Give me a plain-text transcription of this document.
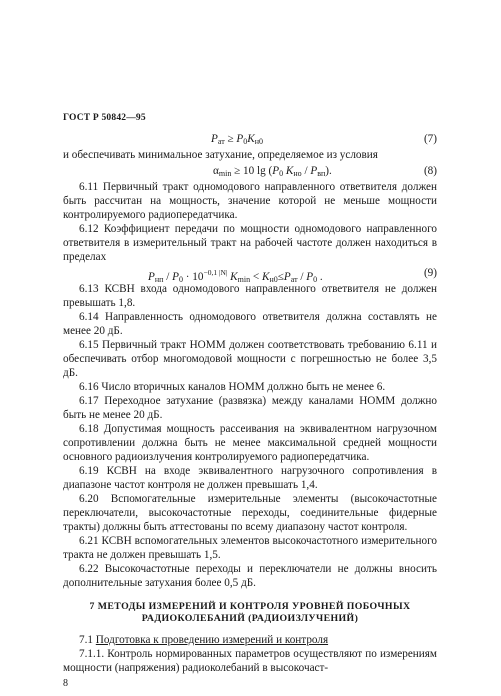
ГОСТ Р 50842—95
$P_{ат} \ge P_0K_{н0}$	(7)

и обеспечивать минимальное затухание, определяемое из условия

$\alpha_{min} \ge 10$ $\lg (P_0$ $K_{но} / P_{вп}$).	(8)

6.11 Первичный тракт одномодового направленного ответвителя должен быть рассчитан на мощность, значение которой не меньше мощности контролируемого радиопередатчика.

6.12 Коэффициент передачи по мощности одномодового направленного ответвителя в измерительный тракт на рабочей частоте должен находиться в пределах

$P_{нп} / P_0 \cdot 10^{-0,1 |N|}$ $K_{min} < K_{н0}\le P_{ат} / P_0$ .	(9)

6.13 КСВН входа одномодового направленного ответвителя не должен превышать 1,8.

6.14 Направленность одномодового ответвителя должна составлять не менее 20 дБ.

6.15 Первичный тракт НОММ должен соответствовать требованию 6.11 и обеспечивать отбор многомодовой мощности с погрешностью не более 3,5 дБ.

6.16 Число вторичных каналов НОММ должно быть не менее 6.

6.17 Переходное затухание (развязка) между каналами НОММ должно быть не менее 20 дБ.

6.18 Допустимая мощность рассеивания на эквивалентном нагрузочном сопротивлении должна быть не менее максимальной средней мощности основного радиоизлучения контролируемого радиопередатчика.

6.19 КСВН на входе эквивалентного нагрузочного сопротивления в диапазоне частот контроля не должен превышать 1,4.

6.20 Вспомогательные измерительные элементы (высокочастотные переключатели, высокочастотные переходы, соединительные фидерные тракты) должны быть аттестованы по всему диапазону частот контроля.

6.21 КСВН вспомогательных элементов высокочастотного измерительного тракта не должен превышать 1,5.

6.22 Высокочастотные переходы и переключатели не должны вносить дополнительные затухания более 0,5 дБ.

7 МЕТОДЫ ИЗМЕРЕНИЙ И КОНТРОЛЯ УРОВНЕЙ ПОБОЧНЫХ
РАДИОКОЛЕБАНИЙ (РАДИОИЗЛУЧЕНИЙ)

7.1 Подготовка к проведению измерений и контроля

7.1.1. Контроль нормированных параметров осуществляют по измерениям мощности (напряжения) радиоколебаний в высокочаст-

8
